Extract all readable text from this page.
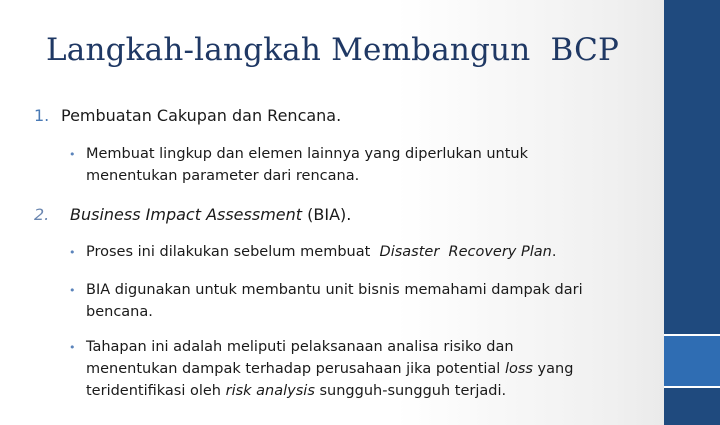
Langkah-langkah Membangun  BCP
1. Pembuatan Cakupan dan Rencana.
• Membuat lingkup dan elemen lainnya yang diperlukan untuk
menentukan parameter dari rencana.
2. Business Impact Assessment (BIA).
• Proses ini dilakukan sebelum membuat  Disaster  Recovery Plan.
• BIA digunakan untuk membantu unit bisnis memahami dampak dari
bencana.
• Tahapan ini adalah meliputi pelaksanaan analisa risiko dan
menentukan dampak terhadap perusahaan jika potential loss yang
teridentifikasi oleh risk analysis sungguh-sungguh terjadi.
